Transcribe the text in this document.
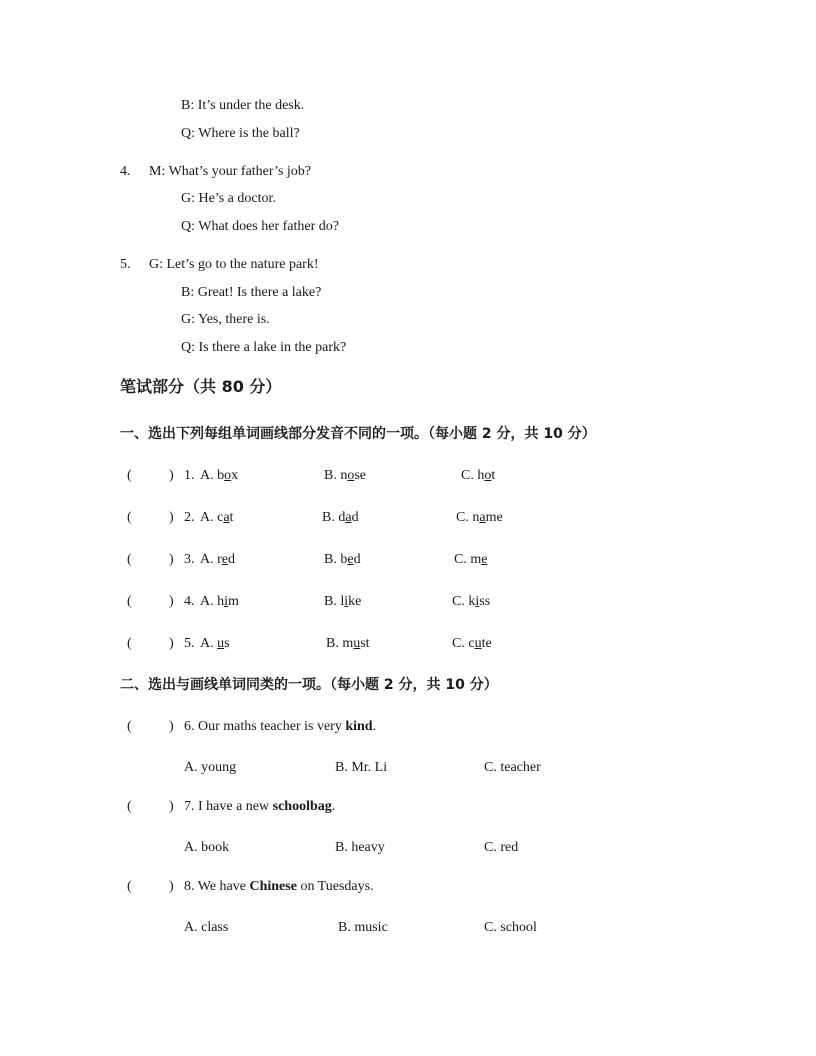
B: It’s under the desk.
Q: Where is the ball?
4. M: What’s your father’s job?
G: He’s a doctor.
Q: What does her father do?
5. G: Let’s go to the nature park!
B: Great! Is there a lake?
G: Yes, there is.
Q: Is there a lake in the park?
笔试部分（共 80 分）
一、选出下列每组单词画线部分发音不同的一项。（每小题 2 分，共 10 分）
(	) 1. A. box	B. nose	C. hot
(	) 2. A. cat	B. dad	C. name
(	) 3. A. red	B. bed	C. me
(	) 4. A. him	B. like	C. kiss
(	) 5. A. us	B. must	C. cute
二、选出与画线单词同类的一项。（每小题 2 分，共 10 分）
(	) 6. Our maths teacher is very kind.
A. young	B. Mr. Li	C. teacher
(	) 7. I have a new schoolbag.
A. book	B. heavy	C. red
(	) 8. We have Chinese on Tuesdays.
A. class	B. music	C. school
